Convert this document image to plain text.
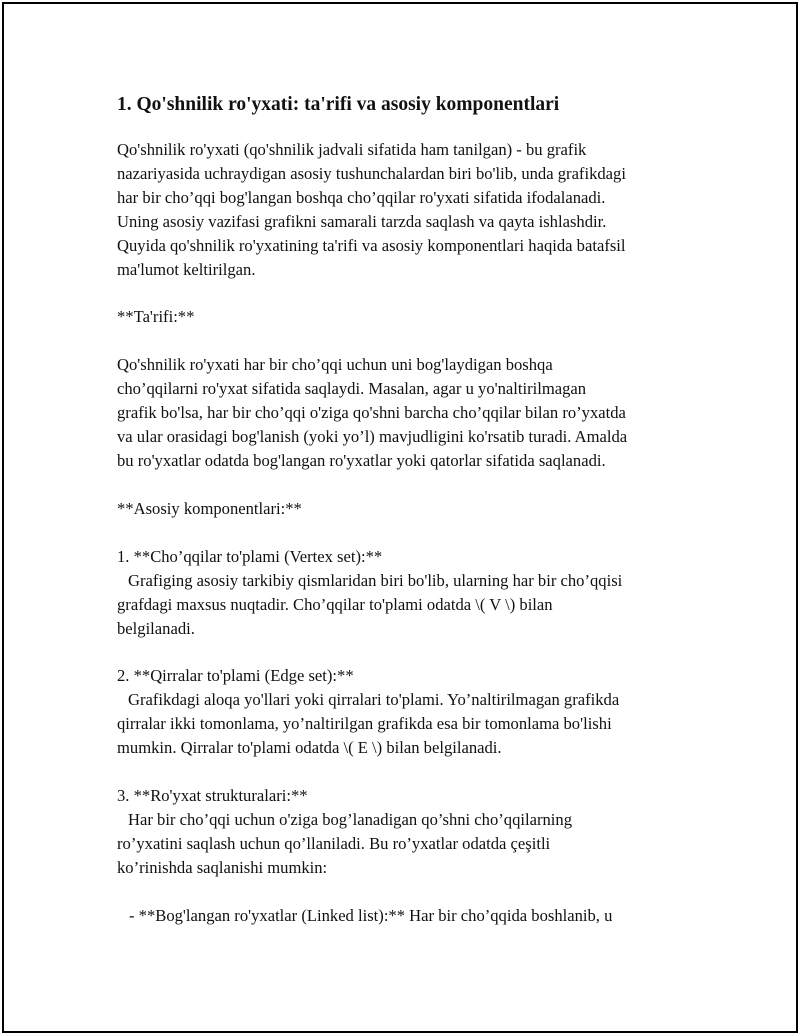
1. Qo'shnilik ro'yxati: ta'rifi va asosiy komponentlari

Qo'shnilik ro'yxati (qo'shnilik jadvali sifatida ham tanilgan) - bu grafik
nazariyasida uchraydigan asosiy tushunchalardan biri bo'lib, unda grafikdagi
har bir cho’qqi bog'langan boshqa cho’qqilar ro'yxati sifatida ifodalanadi.
Uning asosiy vazifasi grafikni samarali tarzda saqlash va qayta ishlashdir.
Quyida qo'shnilik ro'yxatining ta'rifi va asosiy komponentlari haqida batafsil
ma'lumot keltirilgan.

**Ta'rifi:**

Qo'shnilik ro'yxati har bir cho’qqi uchun uni bog'laydigan boshqa
cho’qqilarni ro'yxat sifatida saqlaydi. Masalan, agar u yo'naltirilmagan
grafik bo'lsa, har bir cho’qqi o'ziga qo'shni barcha cho’qqilar bilan ro’yxatda
va ular orasidagi bog'lanish (yoki yo’l) mavjudligini ko'rsatib turadi. Amalda
bu ro'yxatlar odatda bog'langan ro'yxatlar yoki qatorlar sifatida saqlanadi.

**Asosiy komponentlari:**

1. **Cho’qqilar to'plami (Vertex set):**

Grafiging asosiy tarkibiy qismlaridan biri bo'lib, ularning har bir cho’qqisi
grafdagi maxsus nuqtadir. Cho’qqilar to'plami odatda \( V \) bilan
belgilanadi.

2. **Qirralar to'plami (Edge set):**

Grafikdagi aloqa yo'llari yoki qirralari to'plami. Yo’naltirilmagan grafikda
qirralar ikki tomonlama, yo’naltirilgan grafikda esa bir tomonlama bo'lishi
mumkin. Qirralar to'plami odatda \( E \) bilan belgilanadi.

3. **Ro'yxat strukturalari:**

Har bir cho’qqi uchun o'ziga bog’lanadigan qo’shni cho’qqilarning
ro’yxatini saqlash uchun qo’llaniladi. Bu ro’yxatlar odatda çeşitli
ko’rinishda saqlanishi mumkin:

- **Bog'langan ro'yxatlar (Linked list):** Har bir cho’qqida boshlanib, u
